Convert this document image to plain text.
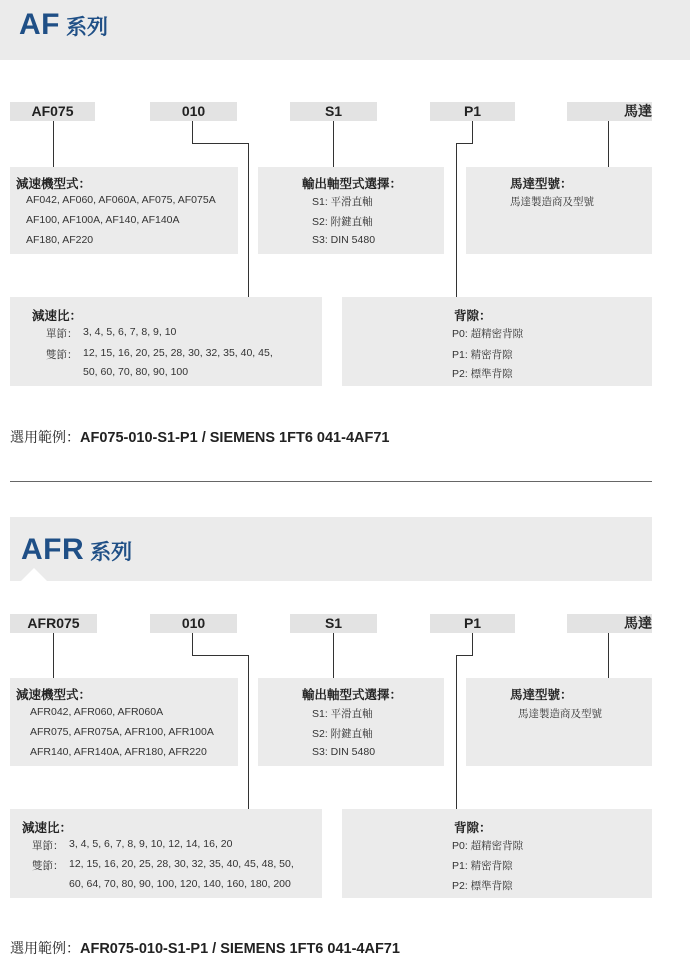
AF 系列
AF075	010	S1	P1	馬達
減速機型式：
AF042, AF060, AF060A, AF075, AF075A
AF100, AF100A, AF140, AF140A
AF180, AF220
輸出軸型式選擇：
S1: 平滑直軸
S2: 附鍵直軸
S3: DIN 5480
馬達型號：
馬達製造商及型號
減速比：
單節： 3, 4, 5, 6, 7, 8, 9, 10
雙節： 12, 15, 16, 20, 25, 28, 30, 32, 35, 40, 45,
50, 60, 70, 80, 90, 100
背隙：
P0: 超精密背隙
P1: 精密背隙
P2: 標準背隙
選用範例：AF075-010-S1-P1 / SIEMENS 1FT6 041-4AF71
AFR 系列
AFR075	010	S1	P1	馬達
減速機型式：
AFR042, AFR060, AFR060A
AFR075, AFR075A, AFR100, AFR100A
AFR140, AFR140A, AFR180, AFR220
輸出軸型式選擇：
S1: 平滑直軸
S2: 附鍵直軸
S3: DIN 5480
馬達型號：
馬達製造商及型號
減速比：
單節： 3, 4, 5, 6, 7, 8, 9, 10, 12, 14, 16, 20
雙節： 12, 15, 16, 20, 25, 28, 30, 32, 35, 40, 45, 48, 50,
60, 64, 70, 80, 90, 100, 120, 140, 160, 180, 200
背隙：
P0: 超精密背隙
P1: 精密背隙
P2: 標準背隙
選用範例：AFR075-010-S1-P1 / SIEMENS 1FT6 041-4AF71
